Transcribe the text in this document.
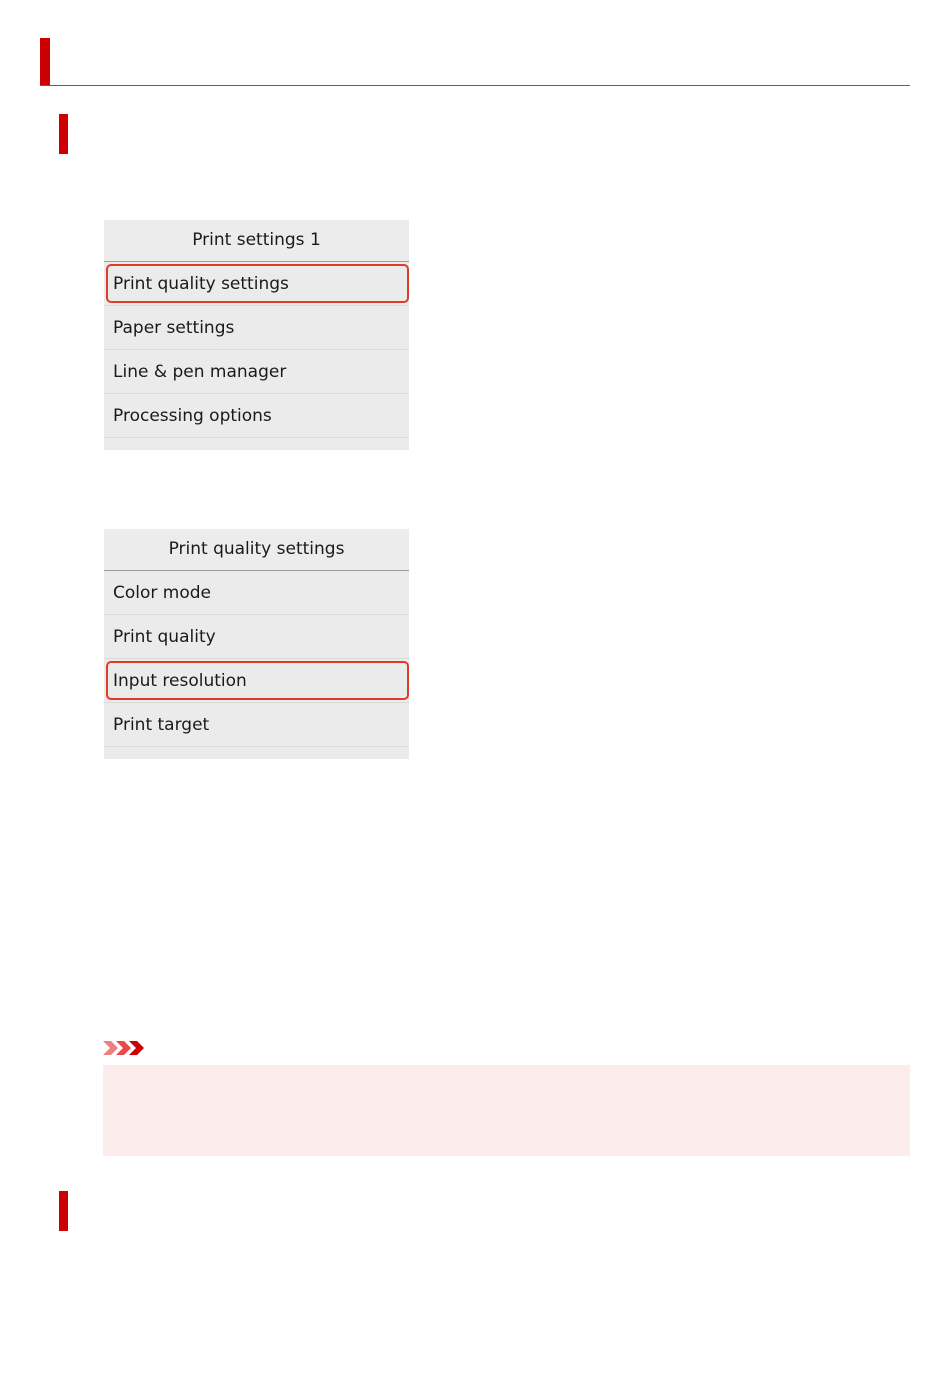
Print settings 1
Print quality settings
Paper settings
Line & pen manager
Processing options
Print quality settings
Color mode
Print quality
Input resolution
Print target
